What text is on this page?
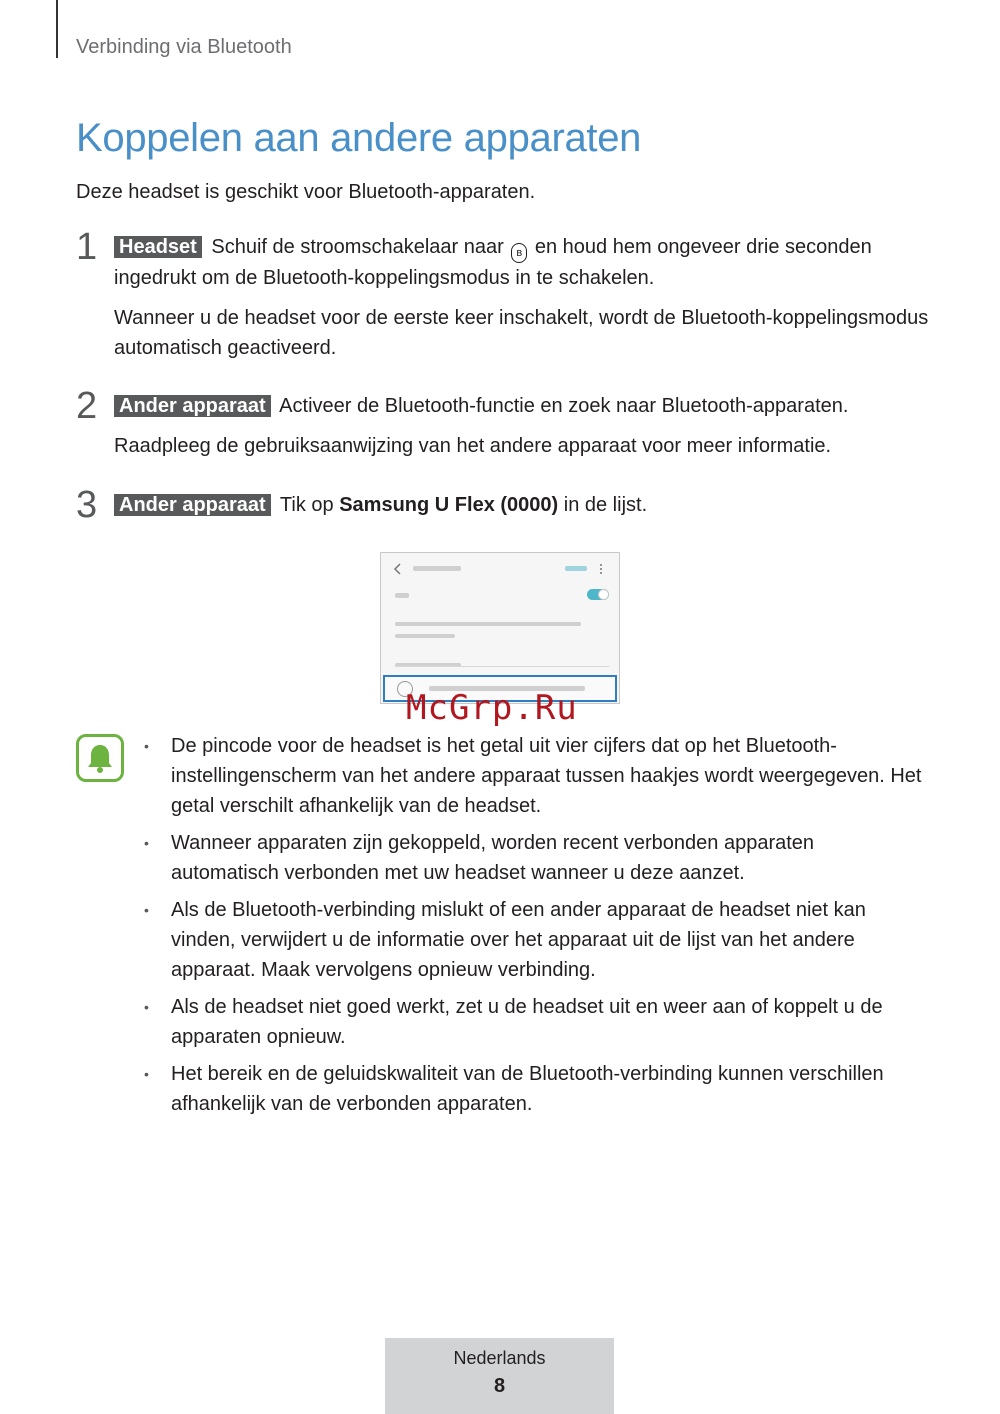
Verbinding via Bluetooth
Koppelen aan andere apparaten

Deze headset is geschikt voor Bluetooth-apparaten.

1 Headset Schuif de stroomschakelaar naar ʙ en houd hem ongeveer drie seconden ingedrukt om de Bluetooth-koppelingsmodus in te schakelen.

Wanneer u de headset voor de eerste keer inschakelt, wordt de Bluetooth-koppelingsmodus automatisch geactiveerd.

2 Ander apparaat Activeer de Bluetooth-functie en zoek naar Bluetooth-apparaten.

Raadpleeg de gebruiksaanwijzing van het andere apparaat voor meer informatie.

3 Ander apparaat Tik op Samsung U Flex (0000) in de lijst.

McGrp.Ru
• De pincode voor de headset is het getal uit vier cijfers dat op het Bluetooth-instellingenscherm van het andere apparaat tussen haakjes wordt weergegeven. Het getal verschilt afhankelijk van de headset.
• Wanneer apparaten zijn gekoppeld, worden recent verbonden apparaten automatisch verbonden met uw headset wanneer u deze aanzet.
• Als de Bluetooth-verbinding mislukt of een ander apparaat de headset niet kan vinden, verwijdert u de informatie over het apparaat uit de lijst van het andere apparaat. Maak vervolgens opnieuw verbinding.
• Als de headset niet goed werkt, zet u de headset uit en weer aan of koppelt u de apparaten opnieuw.
• Het bereik en de geluidskwaliteit van de Bluetooth-verbinding kunnen verschillen afhankelijk van de verbonden apparaten.
Nederlands
8
